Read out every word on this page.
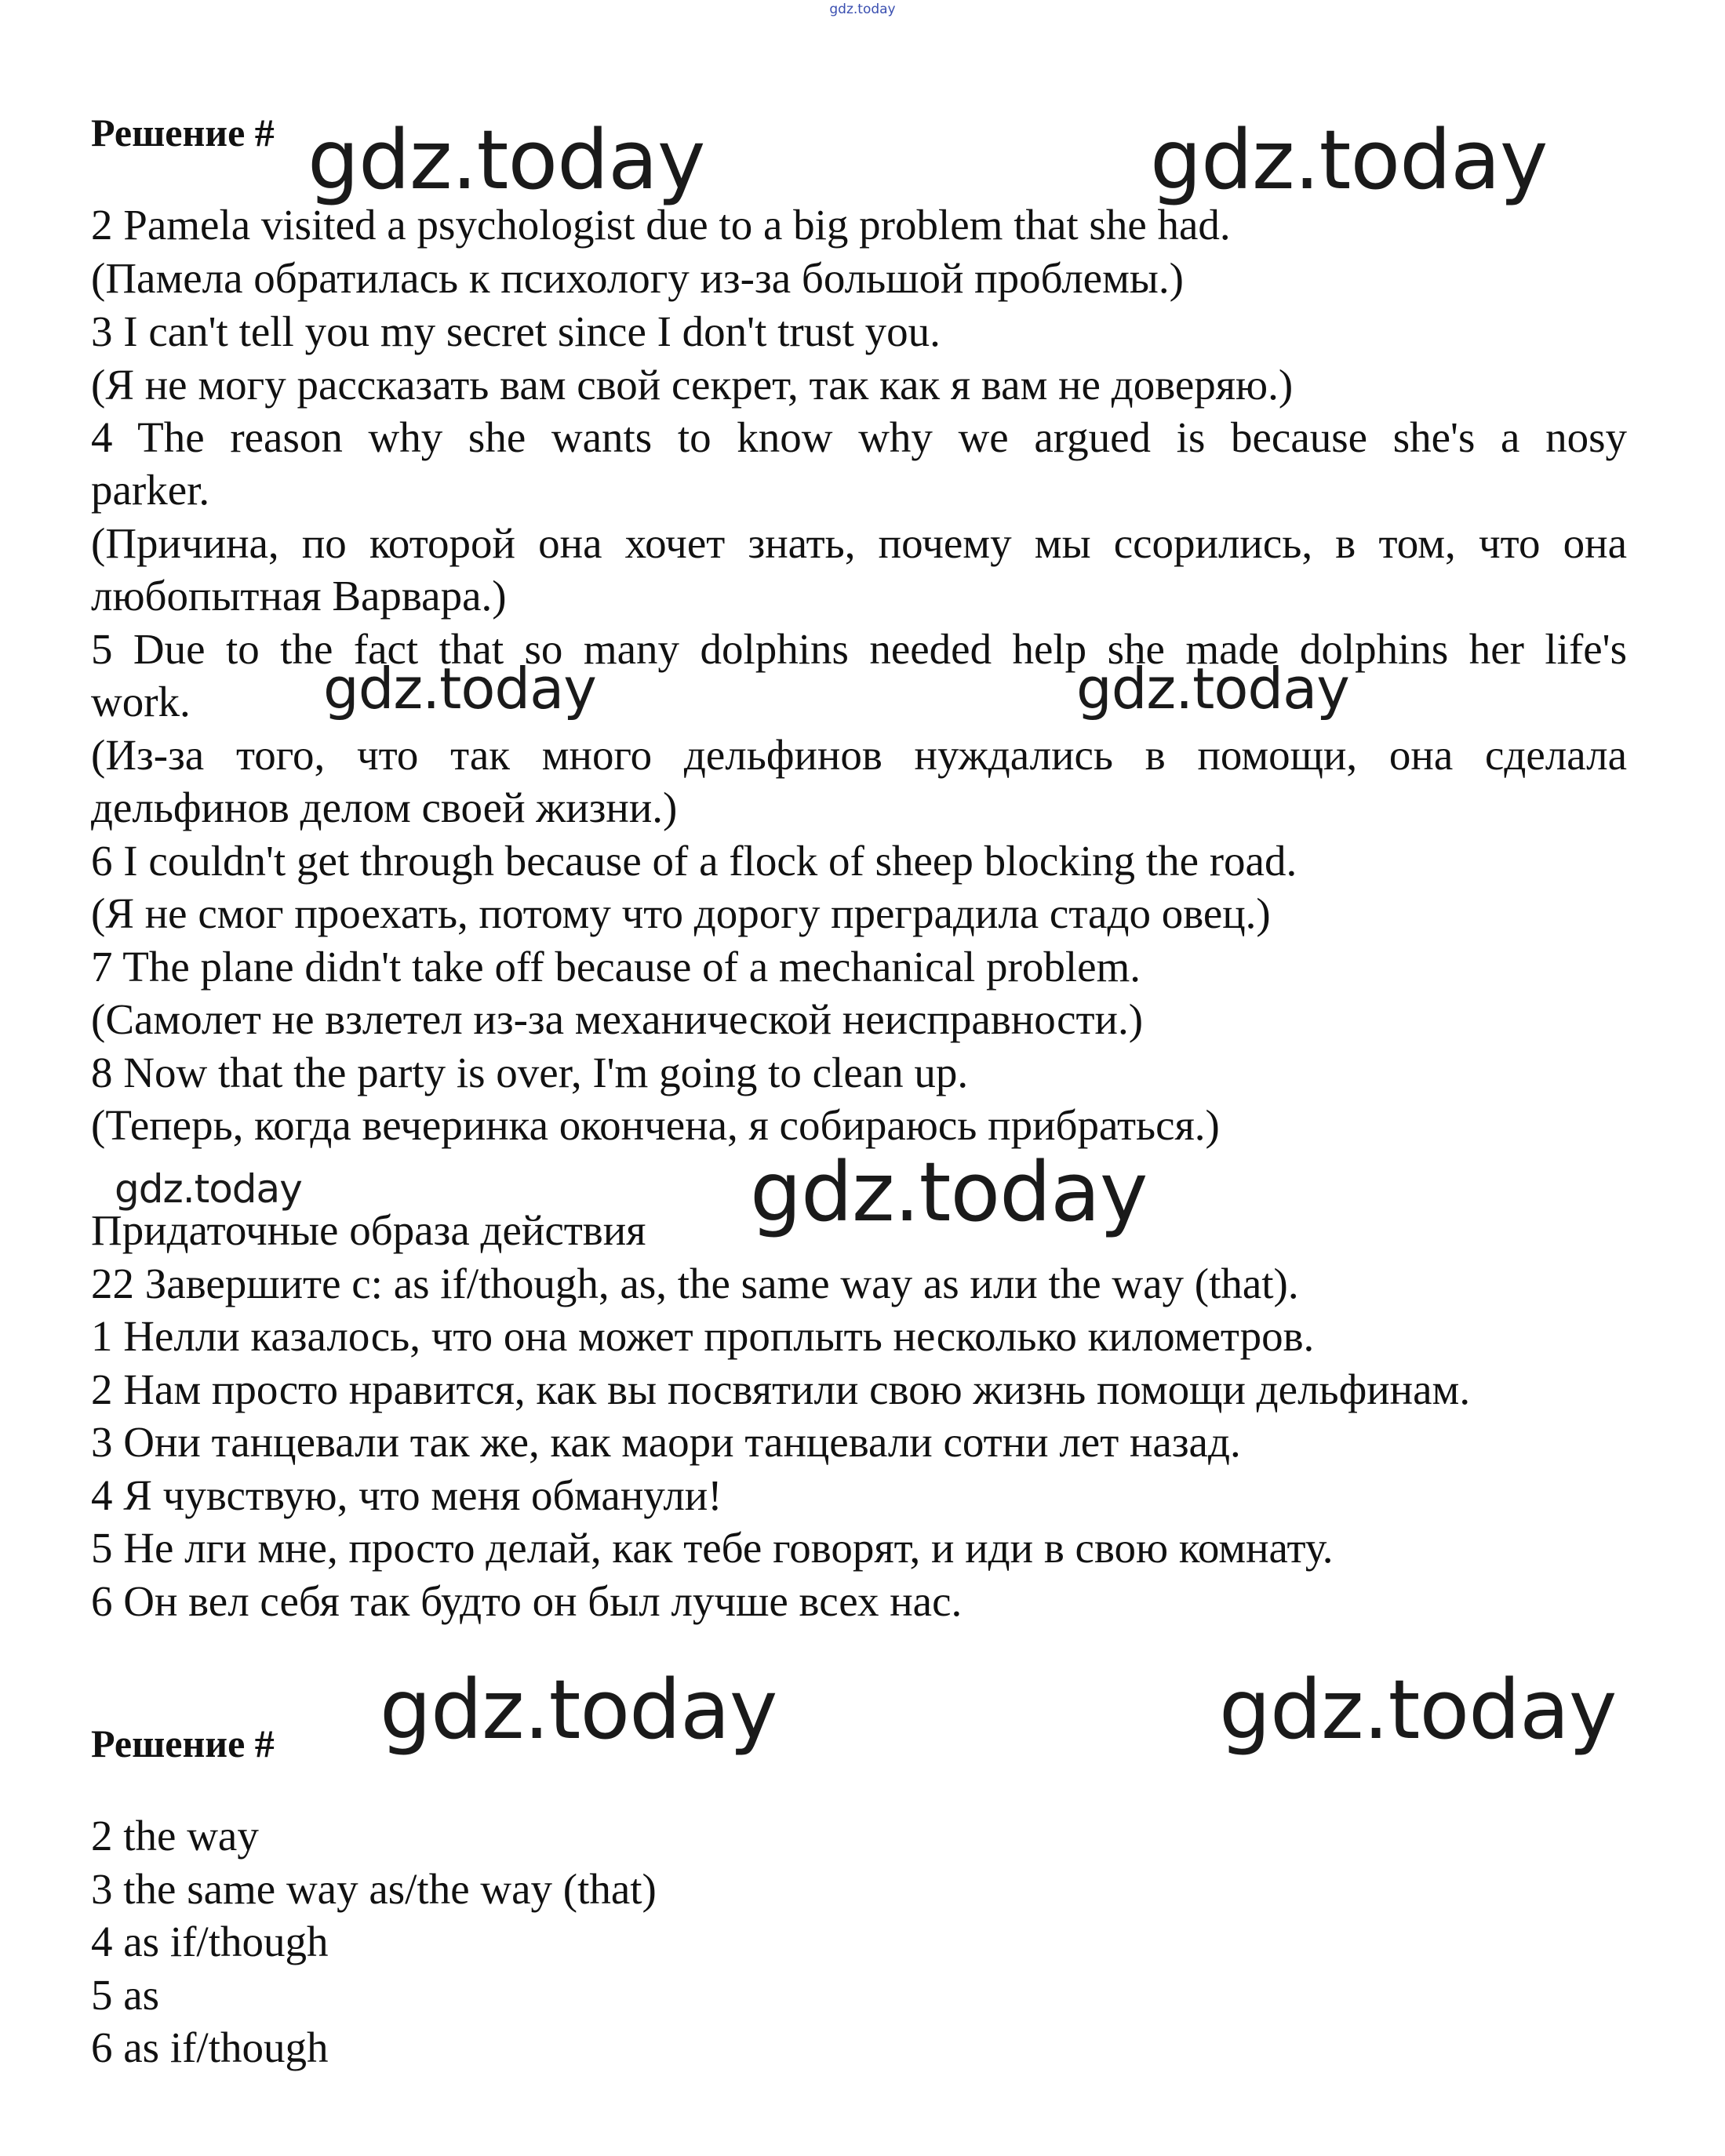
gdz.today
Решение #
2 Pamela visited a psychologist due to a big problem that she had.
(Памела обратилась к психологу из-за большой проблемы.)
3 I can't tell you my secret since I don't trust you.
(Я не могу рассказать вам свой секрет, так как я вам не доверяю.)
4 The reason why she wants to know why we argued is because she's a nosy
parker.
(Причина, по которой она хочет знать, почему мы ссорились, в том, что она
любопытная Варвара.)
5 Due to the fact that so many dolphins needed help she made dolphins her life's
work.
(Из-за того, что так много дельфинов нуждались в помощи, она сделала
дельфинов делом своей жизни.)
6 I couldn't get through because of a flock of sheep blocking the road.
(Я не смог проехать, потому что дорогу преградила стадо овец.)
7 The plane didn't take off because of a mechanical problem.
(Самолет не взлетел из-за механической неисправности.)
8 Now that the party is over, I'm going to clean up.
(Теперь, когда вечеринка окончена, я собираюсь прибраться.)
Придаточные образа действия
22 Завершите с: as if/though, as, the same way as или the way (that).
1 Нелли казалось, что она может проплыть несколько километров.
2 Нам просто нравится, как вы посвятили свою жизнь помощи дельфинам.
3 Они танцевали так же, как маори танцевали сотни лет назад.
4 Я чувствую, что меня обманули!
5 Не лги мне, просто делай, как тебе говорят, и иди в свою комнату.
6 Он вел себя так будто он был лучше всех нас.
Решение #
2 the way
3 the same way as/the way (that)
4 as if/though
5 as
6 as if/though
gdz.today	gdz.today
gdz.today	gdz.today
gdz.today	gdz.today
gdz.today	gdz.today
